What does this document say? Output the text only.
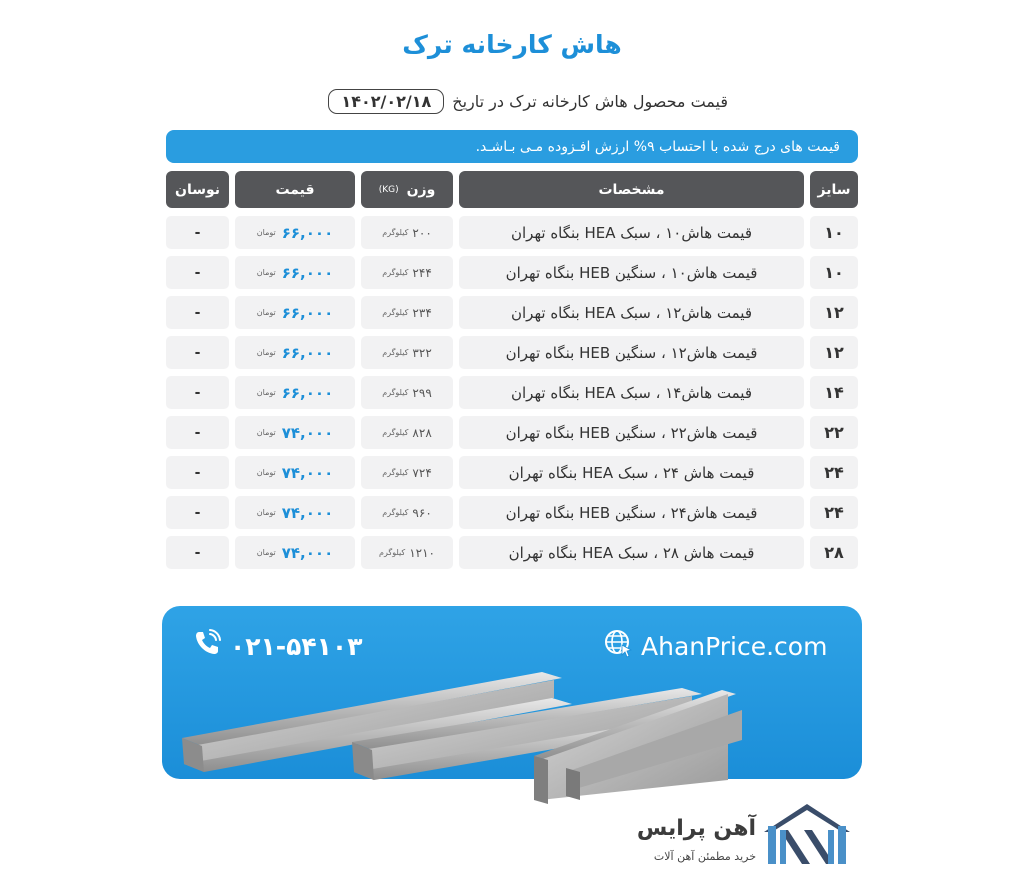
هاش کارخانه ترک
قیمت محصول هاش کارخانه ترک در تاریخ
۱۴۰۲/۰۲/۱۸
قیمت های درج شده با احتساب ۹% ارزش افـزوده مـی بـاشـد.
سایز
مشخصات
وزن
(KG)
قیمت
نوسان
۱۰
قیمت هاش۱۰ ، سبک HEA بنگاه تهران
۲۰۰
کیلوگرم
۶۶,۰۰۰
تومان
-
۱۰
قیمت هاش۱۰ ، سنگین HEB بنگاه تهران
۲۴۴
کیلوگرم
۶۶,۰۰۰
تومان
-
۱۲
قیمت هاش۱۲ ، سبک HEA بنگاه تهران
۲۳۴
کیلوگرم
۶۶,۰۰۰
تومان
-
۱۲
قیمت هاش۱۲ ، سنگین HEB بنگاه تهران
۳۲۲
کیلوگرم
۶۶,۰۰۰
تومان
-
۱۴
قیمت هاش۱۴ ، سبک HEA بنگاه تهران
۲۹۹
کیلوگرم
۶۶,۰۰۰
تومان
-
۲۲
قیمت هاش۲۲ ، سنگین HEB بنگاه تهران
۸۲۸
کیلوگرم
۷۴,۰۰۰
تومان
-
۲۴
قیمت هاش ۲۴ ، سبک HEA بنگاه تهران
۷۲۴
کیلوگرم
۷۴,۰۰۰
تومان
-
۲۴
قیمت هاش۲۴ ، سنگین HEB بنگاه تهران
۹۶۰
کیلوگرم
۷۴,۰۰۰
تومان
-
۲۸
قیمت هاش ۲۸ ، سبک HEA بنگاه تهران
۱۲۱۰
کیلوگرم
۷۴,۰۰۰
تومان
-
۰۲۱-۵۴۱۰۳	AhanPrice.com
آهن پرایس
خرید مطمئن آهن آلات
